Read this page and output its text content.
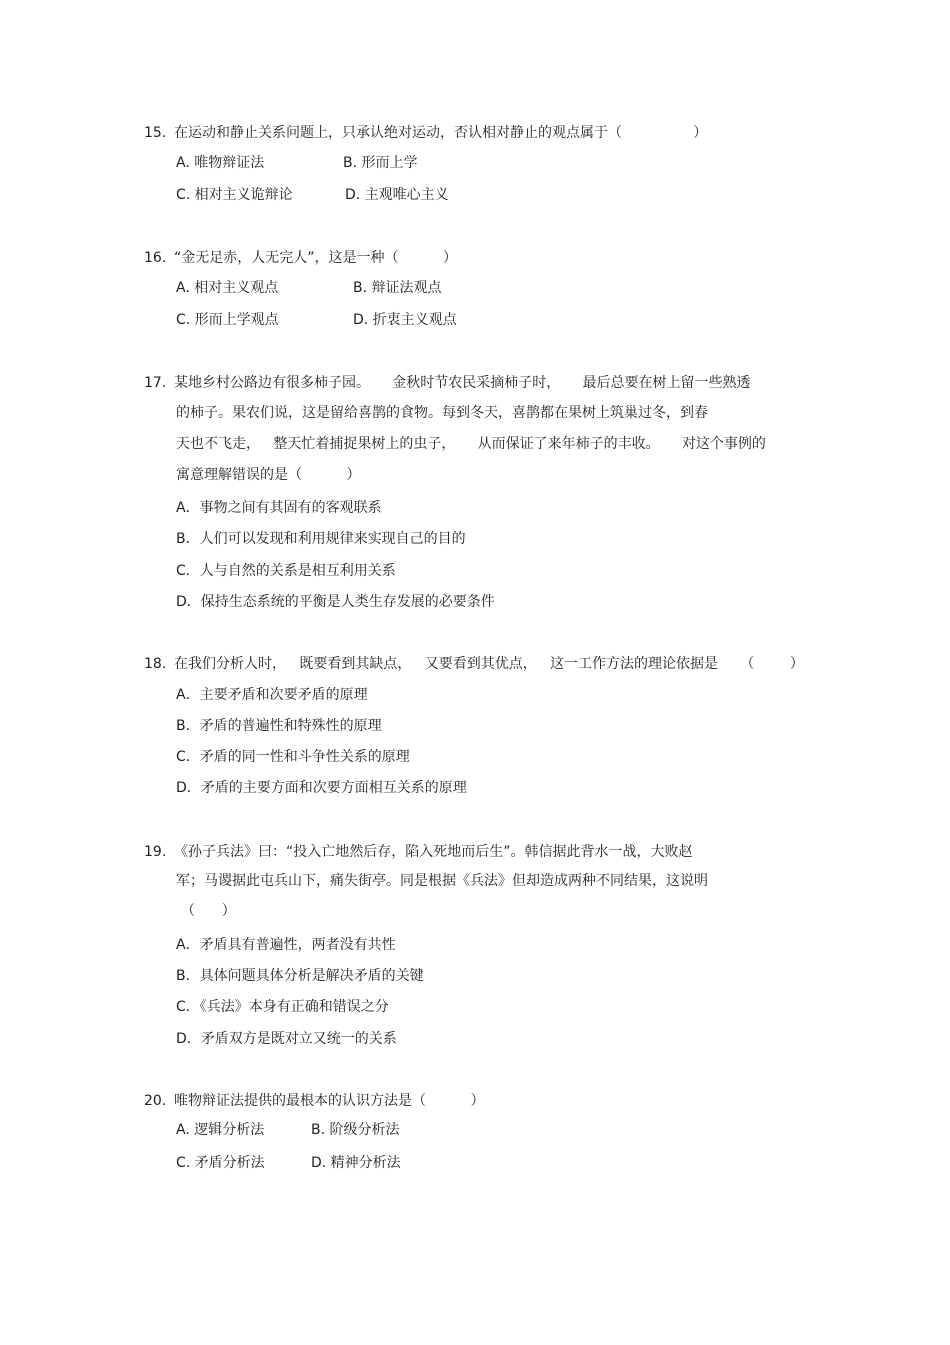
15. 在运动和静止关系问题上，只承认绝对运动，否认相对静止的观点属于（                ）
A. 唯物辩证法	B. 形而上学
C. 相对主义诡辩论	D. 主观唯心主义
16. “金无足赤，人无完人”，这是一种（          ）
A. 相对主义观点	B. 辩证法观点
C. 形而上学观点	D. 折衷主义观点
17. 某地乡村公路边有很多柿子园。     金秋时节农民采摘柿子时，     最后总要在树上留一些熟透
的柿子。果农们说，这是留给喜鹊的食物。每到冬天，喜鹊都在果树上筑巢过冬，到春
天也不飞走，   整天忙着捕捉果树上的虫子，     从而保证了来年柿子的丰收。     对这个事例的
寓意理解错误的是（          ）
A．事物之间有其固有的客观联系
B．人们可以发现和利用规律来实现自己的目的
C．人与自然的关系是相互利用关系
D．保持生态系统的平衡是人类生存发展的必要条件
18. 在我们分析人时，   既要看到其缺点，   又要看到其优点，   这一工作方法的理论依据是     （        ）
A．主要矛盾和次要矛盾的原理
B．矛盾的普遍性和特殊性的原理
C．矛盾的同一性和斗争性关系的原理
D．矛盾的主要方面和次要方面相互关系的原理
19. 《孙子兵法》曰：“投入亡地然后存，陷入死地而后生”。韩信据此背水一战，大败赵
军；马谡据此屯兵山下，痛失街亭。同是根据《兵法》但却造成两种不同结果，这说明
（      ）
A．矛盾具有普遍性，两者没有共性
B．具体问题具体分析是解决矛盾的关键
C．《兵法》本身有正确和错误之分
D．矛盾双方是既对立又统一的关系
20. 唯物辩证法提供的最根本的认识方法是（          ）
A. 逻辑分析法	B. 阶级分析法
C. 矛盾分析法	D. 精神分析法
